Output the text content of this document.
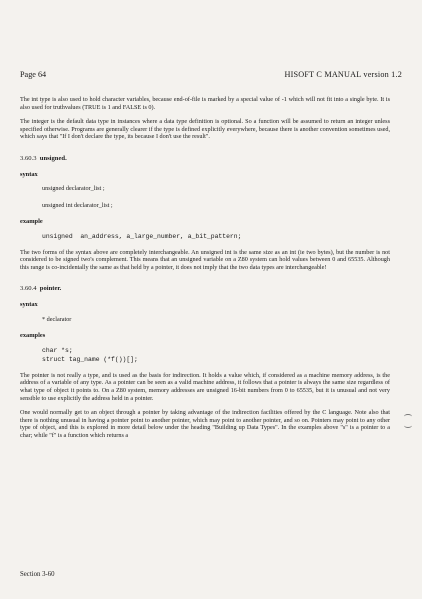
Page 64	HISOFT C MANUAL version 1.2

The int type is also used to hold character variables, because end-of-file is marked by a special value of -1 which will not fit into a single byte. It is also used for truthvalues (TRUE is 1 and FALSE is 0).

The integer is the default data type in instances where a data type definition is optional. So a function will be assumed to return an integer unless specified otherwise. Programs are generally clearer if the type is defined explicitly everywhere, because there is another convention sometimes used, which says that "If I don't declare the type, its because I don't use the result".

3.60.3 unsigned.
syntax
unsigned declarator_list ;
unsigned int declarator_list ;
example
unsigned  an_address, a_large_number, a_bit_pattern;

The two forms of the syntax above are completely interchangeable. An unsigned int is the same size as an int (ie two bytes), but the number is not considered to be signed two's complement. This means that an unsigned variable on a Z80 system can hold values between 0 and 65535. Although this range is co-incidentally the same as that held by a pointer, it does not imply that the two data types are interchangeable!

3.60.4 pointer.
syntax
* declarator
examples
char *s;
struct tag_name (*f())[];

The pointer is not really a type, and is used as the basis for indirection. It holds a value which, if considered as a machine memory address, is the address of a variable of any type. As a pointer can be seen as a valid machine address, it follows that a pointer is always the same size regardless of what type of object it points to. On a Z80 system, memory addresses are unsigned 16-bit numbers from 0 to 65535, but it is unusual and not very sensible to use explicitly the address held in a pointer.

One would normally get to an object through a pointer by taking advantage of the indirection facilities offered by the C language. Note also that there is nothing unusual in having a pointer point to another pointer, which may point to another pointer, and so on. Pointers may point to any other type of object, and this is explored in more detail below under the heading "Building up Data Types". In the examples above "s" is a pointer to a char; while "f" is a function which returns a

Section 3-60
